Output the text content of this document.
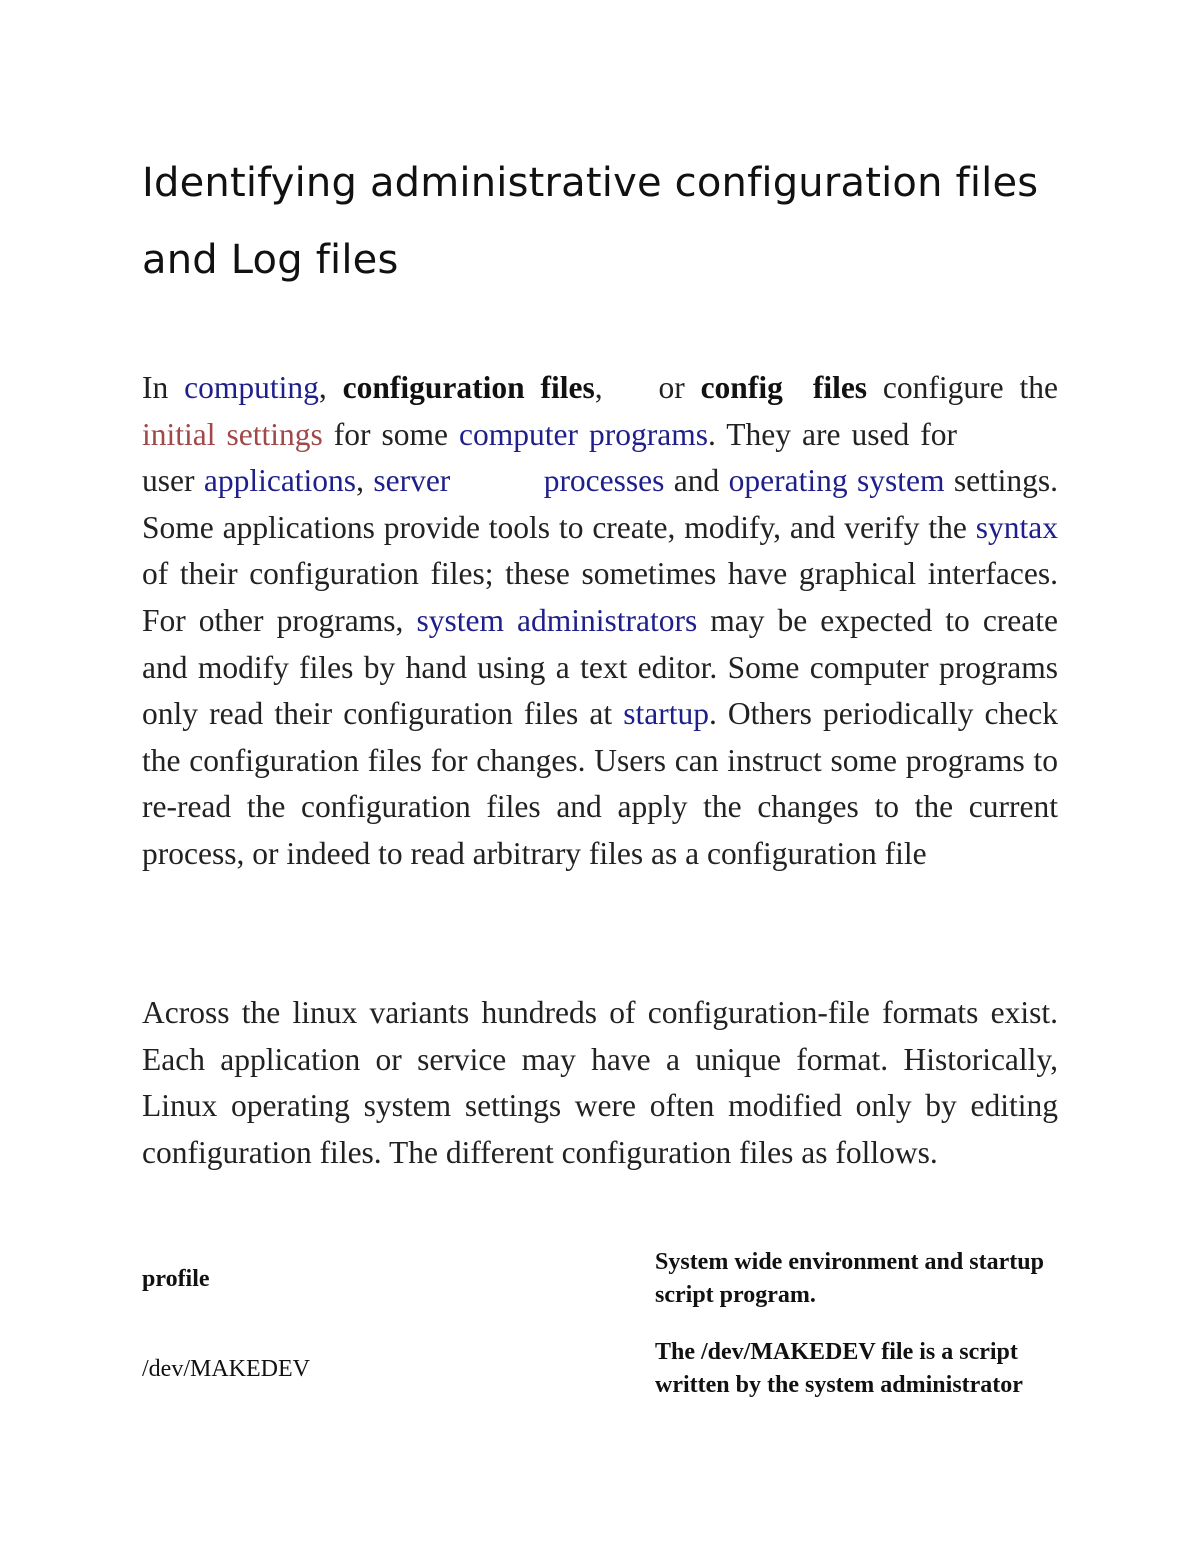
Identifying administrative configuration files and Log files

In computing, configuration files, or config files configure the initial settings for some computer programs. They are used for user applications, server	processes and operating system settings. Some applications provide tools to create, modify, and verify the syntax of their configuration files; these sometimes have graphical interfaces. For other programs, system administrators may be expected to create and modify files by hand using a text editor. Some computer programs only read their configuration files at startup. Others periodically check the configuration files for changes. Users can instruct some programs to re-read the configuration files and apply the changes to the current process, or indeed to read arbitrary files as a configuration file

Across the linux variants hundreds of configuration-file formats exist. Each application or service may have a unique format. Historically, Linux operating system settings were often modified only by editing configuration files. The different configuration files as follows.

profile
System wide environment and startup script program.
/dev/MAKEDEV
The /dev/MAKEDEV file is a script written by the system administrator
